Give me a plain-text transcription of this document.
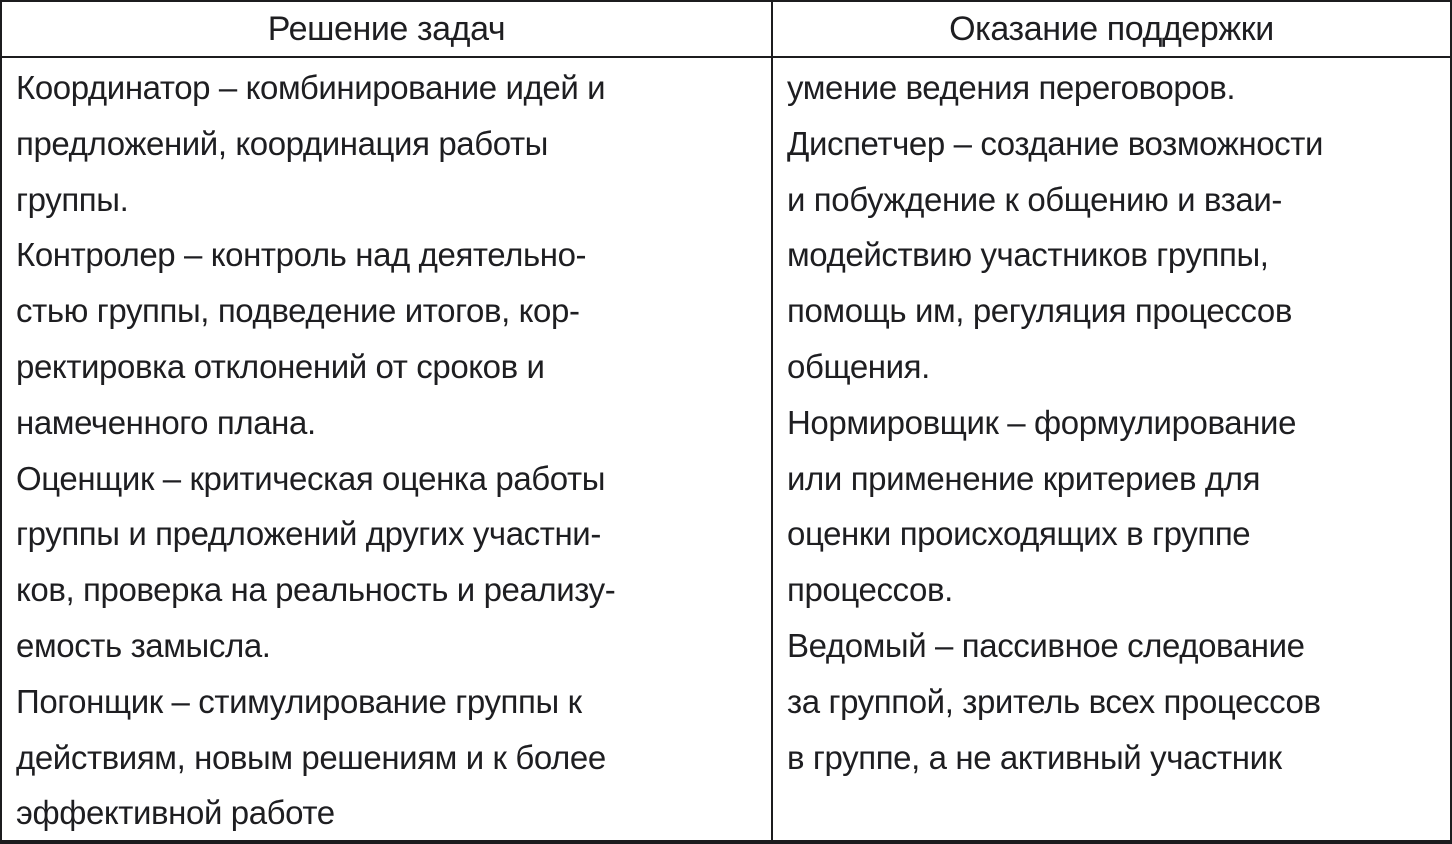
Решение задач
Координатор – комбинирование идей и
предложений, координация работы
группы.
Контролер – контроль над деятельно-
стью группы, подведение итогов, кор-
ректировка отклонений от сроков и
намеченного плана.
Оценщик – критическая оценка работы
группы и предложений других участни-
ков, проверка на реальность и реализу-
емость замысла.
Погонщик – стимулирование группы к
действиям, новым решениям и к более
эффективной работе
Оказание поддержки
умение ведения переговоров.
Диспетчер – создание возможности
и побуждение к общению и взаи-
модействию участников группы,
помощь им, регуляция процессов
общения.
Нормировщик – формулирование
или применение критериев для
оценки происходящих в группе
процессов.
Ведомый – пассивное следование
за группой, зритель всех процессов
в группе, а не активный участник
